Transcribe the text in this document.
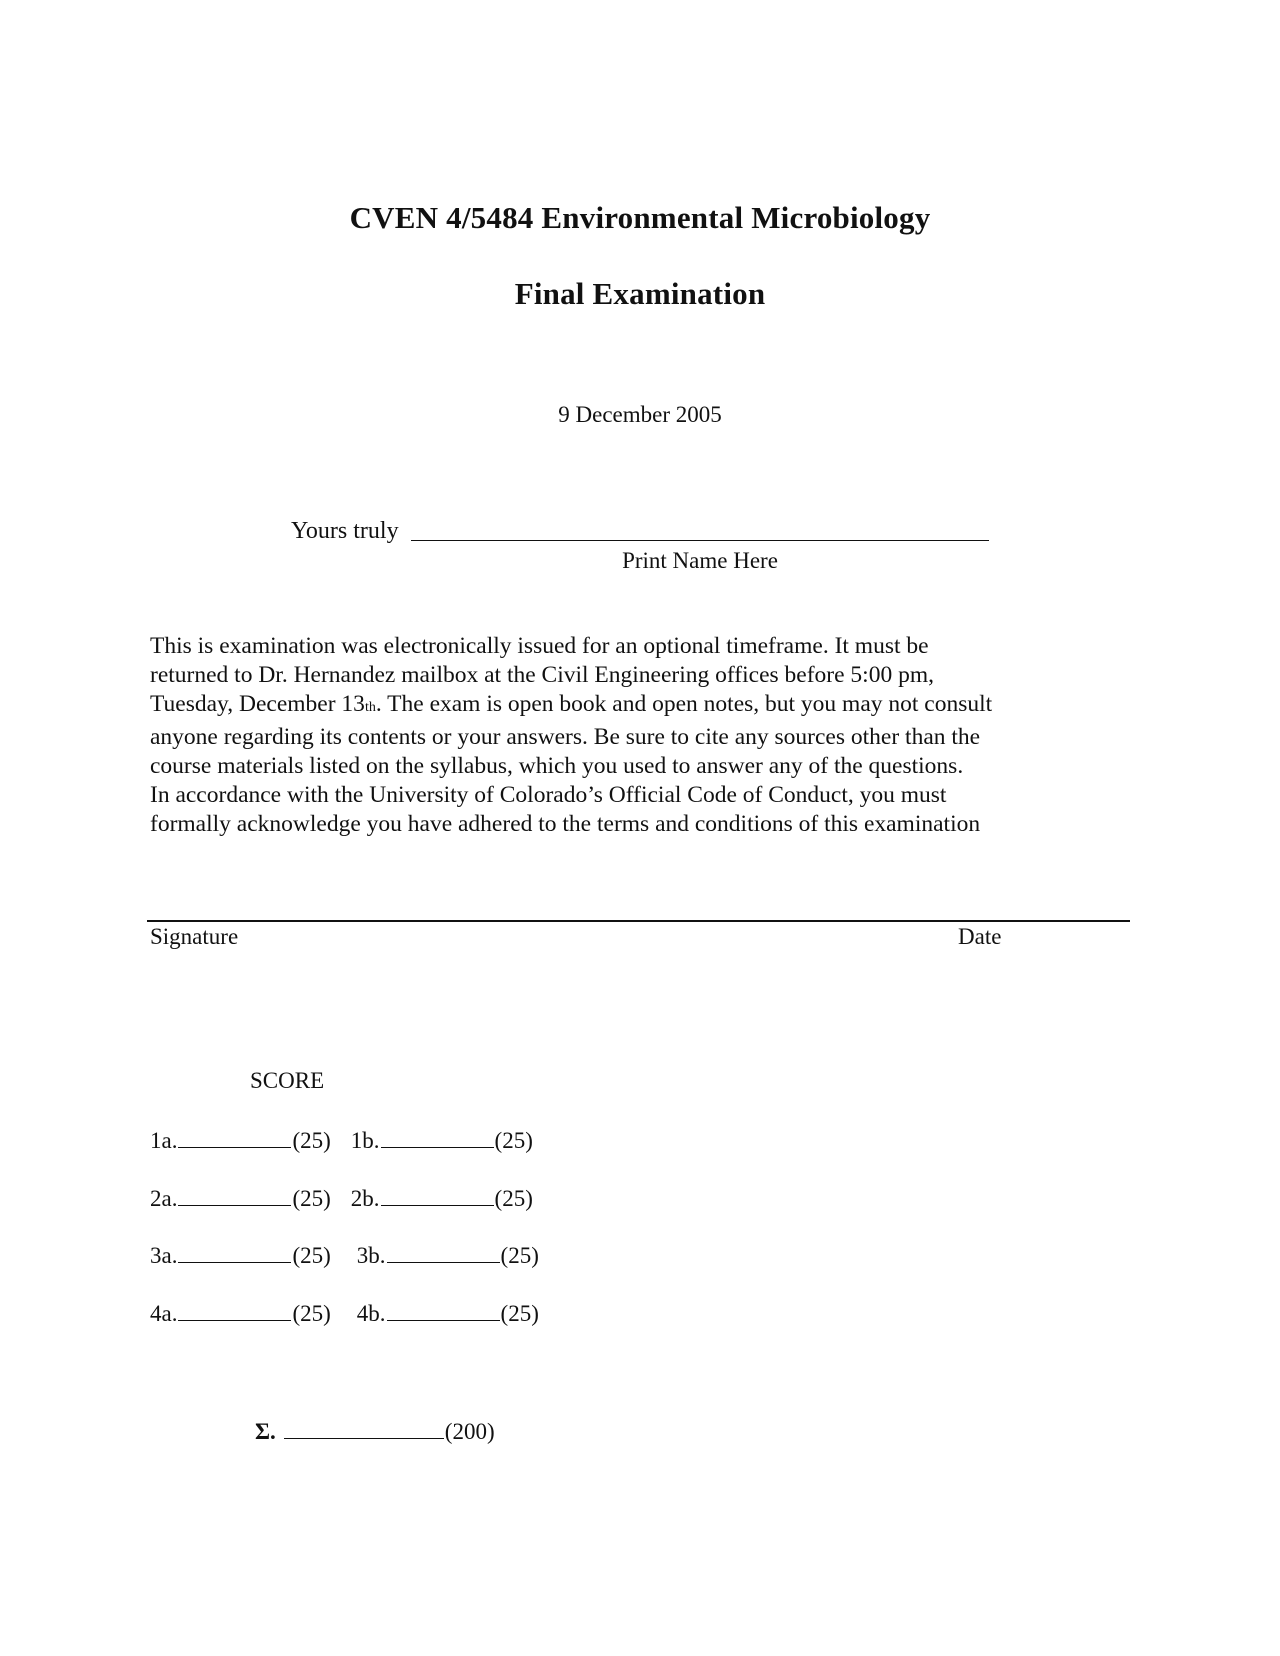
CVEN 4/5484 Environmental Microbiology
Final Examination
9 December 2005
Yours truly
Print Name Here

This is examination was electronically issued for an optional timeframe. It must be

returned to Dr. Hernandez mailbox at the Civil Engineering offices before 5:00 pm,

Tuesday, December 13th. The exam is open book and open notes, but you may not consult

anyone regarding its contents or your answers. Be sure to cite any sources other than the

course materials listed on the syllabus, which you used to answer any of the questions.

In accordance with the University of Colorado’s Official Code of Conduct, you must

formally acknowledge you have adhered to the terms and conditions of this examination

Signature	Date
SCORE
1a.	(25) 1b.	(25)
2a.	(25) 2b.	(25)
3a.	(25) 3b.	(25)
4a.	(25) 4b.	(25)
Σ.	(200)
